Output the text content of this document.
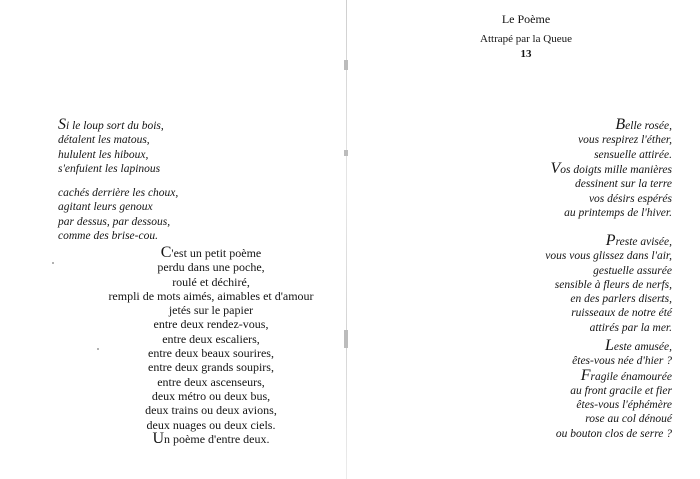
Le Poème
Attrapé par la Queue
13
Si le loup sort du bois,
détalent les matous,
hululent les hiboux,
s'enfuient les lapinous
cachés derrière les choux,
agitant leurs genoux
par dessus, par dessous,
comme des brise-cou.
C'est un petit poème
perdu dans une poche,
roulé et déchiré,
rempli de mots aimés, aimables et d'amour
jetés sur le papier
entre deux rendez-vous,
entre deux escaliers,
entre deux beaux sourires,
entre deux grands soupirs,
entre deux ascenseurs,
deux métro ou deux bus,
deux trains ou deux avions,
deux nuages ou deux ciels.
Un poème d'entre deux.
Belle rosée,
vous respirez l'éther,
sensuelle attirée.
Vos doigts mille manières
dessinent sur la terre
vos désirs espérés
au printemps de l'hiver.
Preste avisée,
vous vous glissez dans l'air,
gestuelle assurée
sensible à fleurs de nerfs,
en des parlers diserts,
ruisseaux de notre été
attirés par la mer.
Leste amusée,
êtes-vous née d'hier ?
Fragile énamourée
au front gracile et fier
êtes-vous l'éphémère
rose au col dénoué
ou bouton clos de serre ?
